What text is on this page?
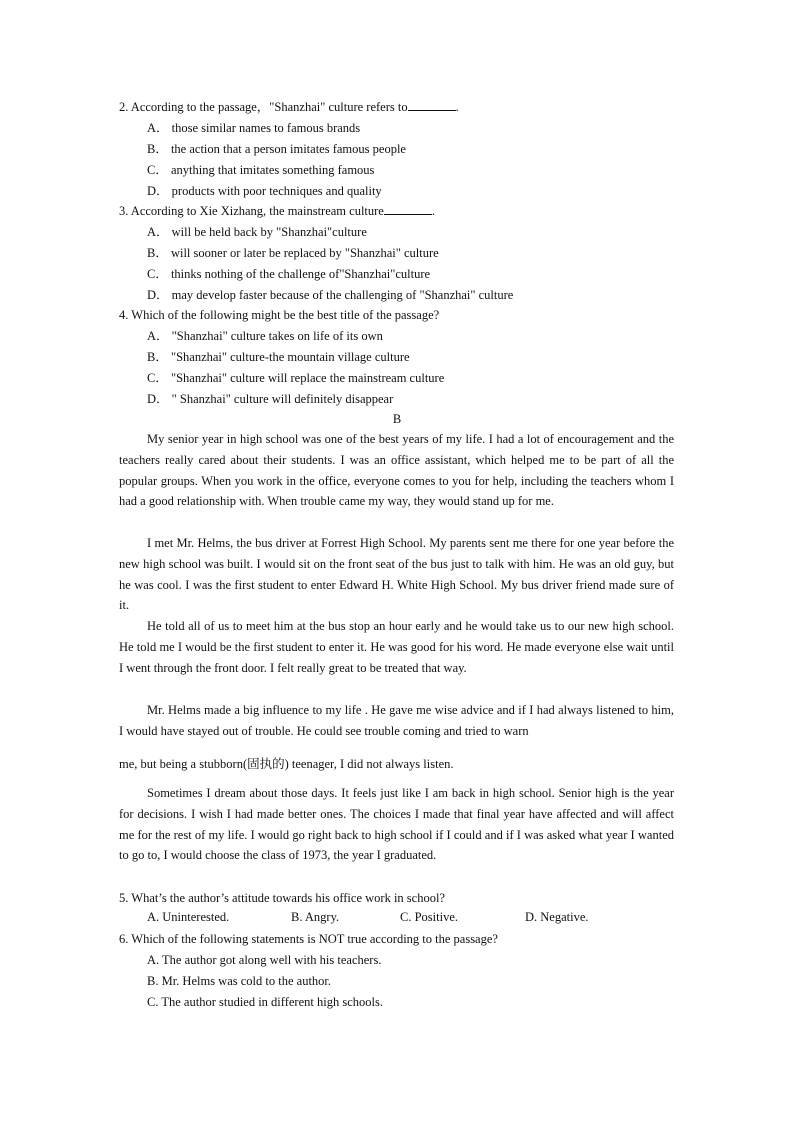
2. According to the passage，"Shanzhai" culture refers to	.
A． those similar names to famous brands
B． the action that a person imitates famous people
C． anything that imitates something famous
D． products with poor techniques and quality
3. According to Xie Xizhang, the mainstream culture	.
A． will be held back by "Shanzhai"culture
B． will sooner or later be replaced by "Shanzhai" culture
C． thinks nothing of the challenge of"Shanzhai"culture
D． may develop faster because of the challenging of "Shanzhai" culture
4. Which of the following might be the best title of the passage?
A． "Shanzhai" culture takes on life of its own
B． "Shanzhai" culture-the mountain village culture
C． "Shanzhai" culture will replace the mainstream culture
D． " Shanzhai" culture will definitely disappear
B
My senior year in high school was one of the best years of my life. I had a lot of encouragement and the teachers really cared about their students. I was an office assistant, which helped me to be part of all the popular groups. When you work in the office, everyone comes to you for help, including the teachers whom I had a good relationship with. When trouble came my way, they would stand up for me.
I met Mr. Helms, the bus driver at Forrest High School. My parents sent me there for one year before the new high school was built. I would sit on the front seat of the bus just to talk with him. He was an old guy, but he was cool. I was the first student to enter Edward H. White High School. My bus driver friend made sure of it.
He told all of us to meet him at the bus stop an hour early and he would take us to our new high school. He told me I would be the first student to enter it. He was good for his word. He made everyone else wait until I went through the front door. I felt really great to be treated that way.
Mr. Helms made a big influence to my life . He gave me wise advice and if I had always listened to him, I would have stayed out of trouble. He could see trouble coming and tried to warn
me, but being a stubborn(固执的) teenager, I did not always listen.
Sometimes I dream about those days. It feels just like I am back in high school. Senior high is the year for decisions. I wish I had made better ones. The choices I made that final year have affected and will affect me for the rest of my life. I would go right back to high school if I could and if I was asked what year I wanted to go to, I would choose the class of 1973, the year I graduated.
5. What’s the author’s attitude towards his office work in school?
A. Uninterested.	B. Angry.	C. Positive.	D. Negative.
6. Which of the following statements is NOT true according to the passage?
A. The author got along well with his teachers.
B. Mr. Helms was cold to the author.
C. The author studied in different high schools.
